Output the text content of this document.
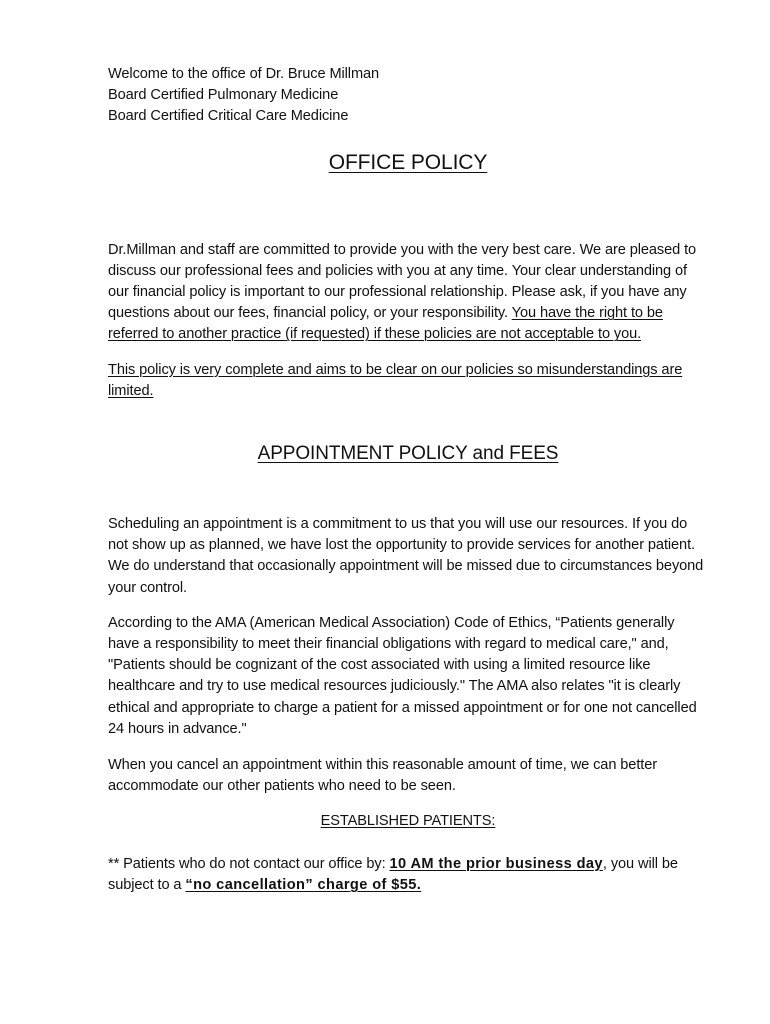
Welcome to the office of Dr. Bruce Millman
Board Certified Pulmonary Medicine
Board Certified Critical Care Medicine
OFFICE POLICY

Dr.Millman and staff are committed to provide you with the very best care. We are pleased to discuss our professional fees and policies with you at any time. Your clear understanding of our financial policy is important to our professional relationship. Please ask, if you have any questions about our fees, financial policy, or your responsibility. You have the right to be referred to another practice (if requested) if these policies are not acceptable to you.

This policy is very complete and aims to be clear on our policies so misunderstandings are limited.

APPOINTMENT POLICY and FEES

Scheduling an appointment is a commitment to us that you will use our resources. If you do not show up as planned, we have lost the opportunity to provide services for another patient. We do understand that occasionally appointment will be missed due to circumstances beyond your control.

According to the AMA (American Medical Association) Code of Ethics, “Patients generally have a responsibility to meet their financial obligations with regard to medical care," and, "Patients should be cognizant of the cost associated with using a limited resource like healthcare and try to use medical resources judiciously." The AMA also relates "it is clearly ethical and appropriate to charge a patient for a missed appointment or for one not cancelled 24 hours in advance."

When you cancel an appointment within this reasonable amount of time, we can better accommodate our other patients who need to be seen.

ESTABLISHED PATIENTS:

** Patients who do not contact our office by: 10 AM the prior business day, you will be subject to a “no cancellation” charge of $55.
